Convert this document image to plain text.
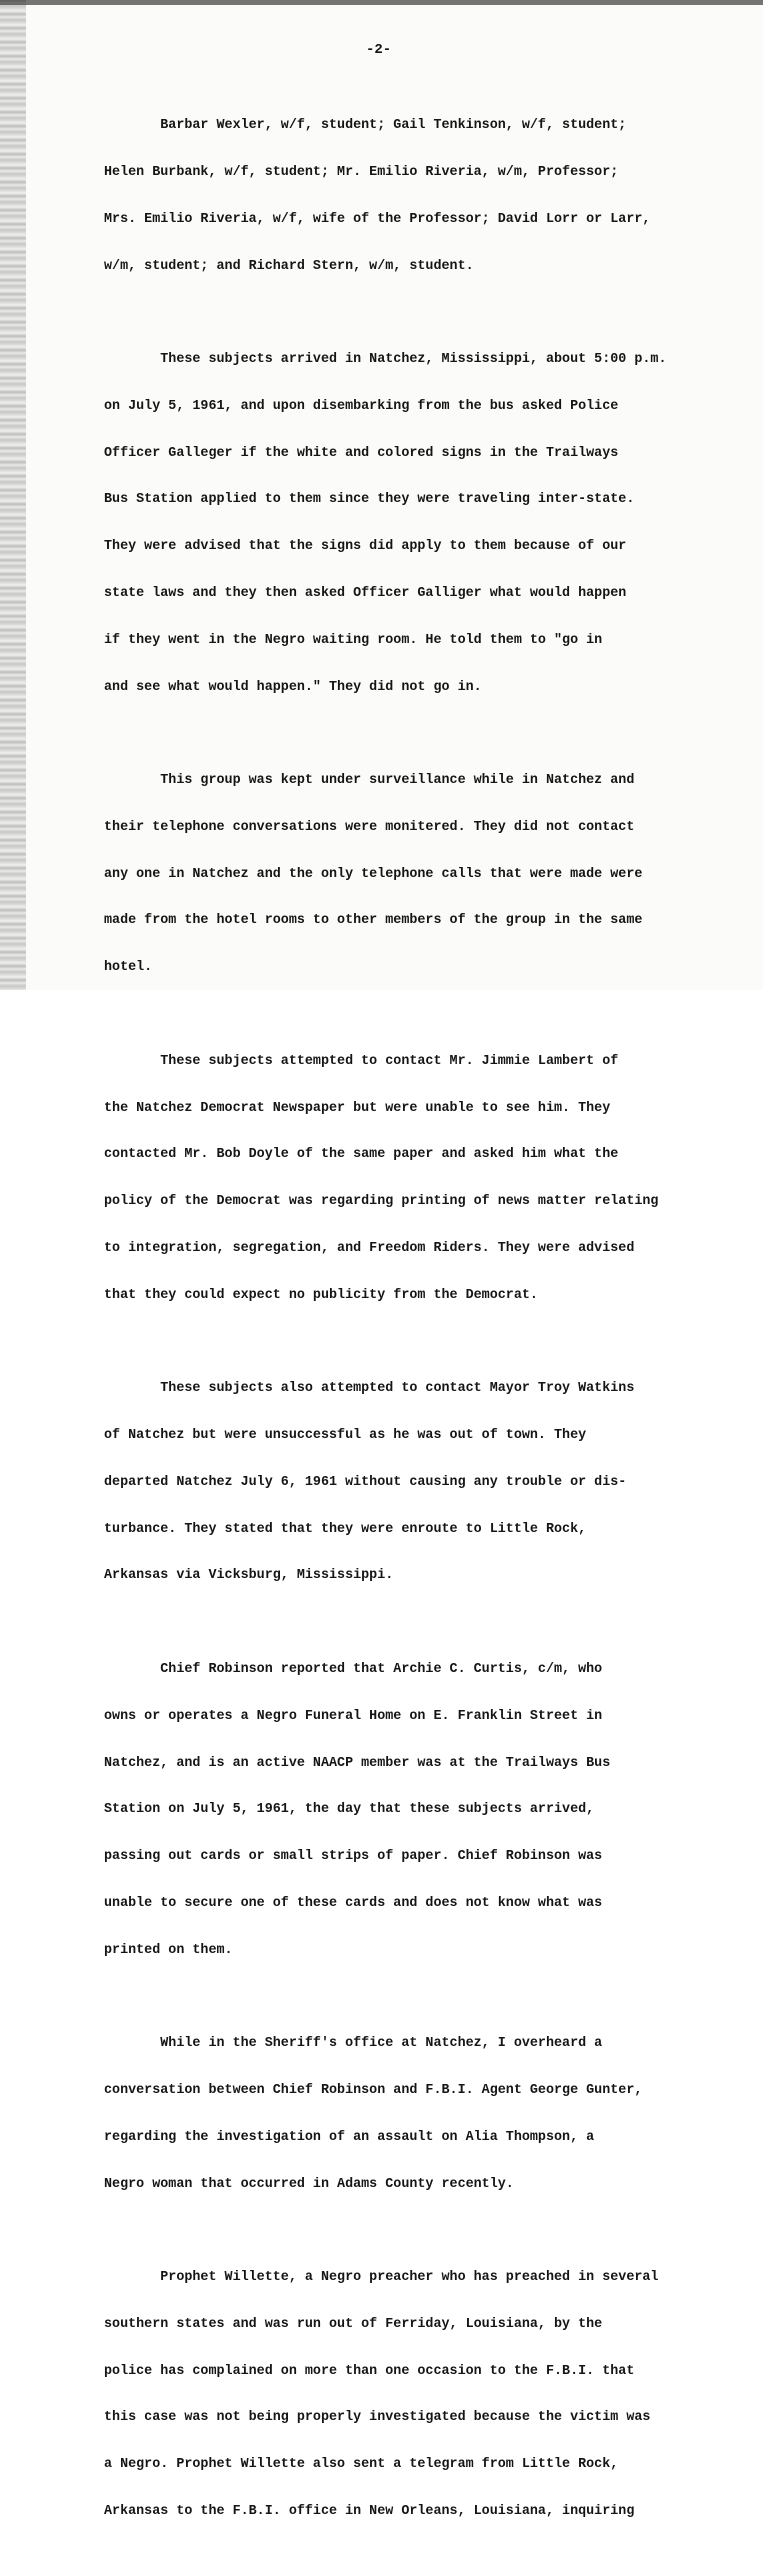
-2-

Barbar Wexler, w/f, student; Gail Tenkinson, w/f, student;

Helen Burbank, w/f, student; Mr. Emilio Riveria, w/m, Professor;

Mrs. Emilio Riveria, w/f, wife of the Professor; David Lorr or Larr,

w/m, student; and Richard Stern, w/m, student.

These subjects arrived in Natchez, Mississippi, about 5:00 p.m.

on July 5, 1961, and upon disembarking from the bus asked Police

Officer Galleger if the white and colored signs in the Trailways

Bus Station applied to them since they were traveling inter-state.

They were advised that the signs did apply to them because of our

state laws and they then asked Officer Galliger what would happen

if they went in the Negro waiting room. He told them to "go in

and see what would happen." They did not go in.

This group was kept under surveillance while in Natchez and

their telephone conversations were monitered. They did not contact

any one in Natchez and the only telephone calls that were made were

made from the hotel rooms to other members of the group in the same

hotel.

These subjects attempted to contact Mr. Jimmie Lambert of

the Natchez Democrat Newspaper but were unable to see him. They

contacted Mr. Bob Doyle of the same paper and asked him what the

policy of the Democrat was regarding printing of news matter relating

to integration, segregation, and Freedom Riders. They were advised

that they could expect no publicity from the Democrat.

These subjects also attempted to contact Mayor Troy Watkins

of Natchez but were unsuccessful as he was out of town. They

departed Natchez July 6, 1961 without causing any trouble or dis-

turbance. They stated that they were enroute to Little Rock,

Arkansas via Vicksburg, Mississippi.

Chief Robinson reported that Archie C. Curtis, c/m, who

owns or operates a Negro Funeral Home on E. Franklin Street in

Natchez, and is an active NAACP member was at the Trailways Bus

Station on July 5, 1961, the day that these subjects arrived,

passing out cards or small strips of paper. Chief Robinson was

unable to secure one of these cards and does not know what was

printed on them.

While in the Sheriff's office at Natchez, I overheard a

conversation between Chief Robinson and F.B.I. Agent George Gunter,

regarding the investigation of an assault on Alia Thompson, a

Negro woman that occurred in Adams County recently.

Prophet Willette, a Negro preacher who has preached in several

southern states and was run out of Ferriday, Louisiana, by the

police has complained on more than one occasion to the F.B.I. that

this case was not being properly investigated because the victim was

a Negro. Prophet Willette also sent a telegram from Little Rock,

Arkansas to the F.B.I. office in New Orleans, Louisiana, inquiring
